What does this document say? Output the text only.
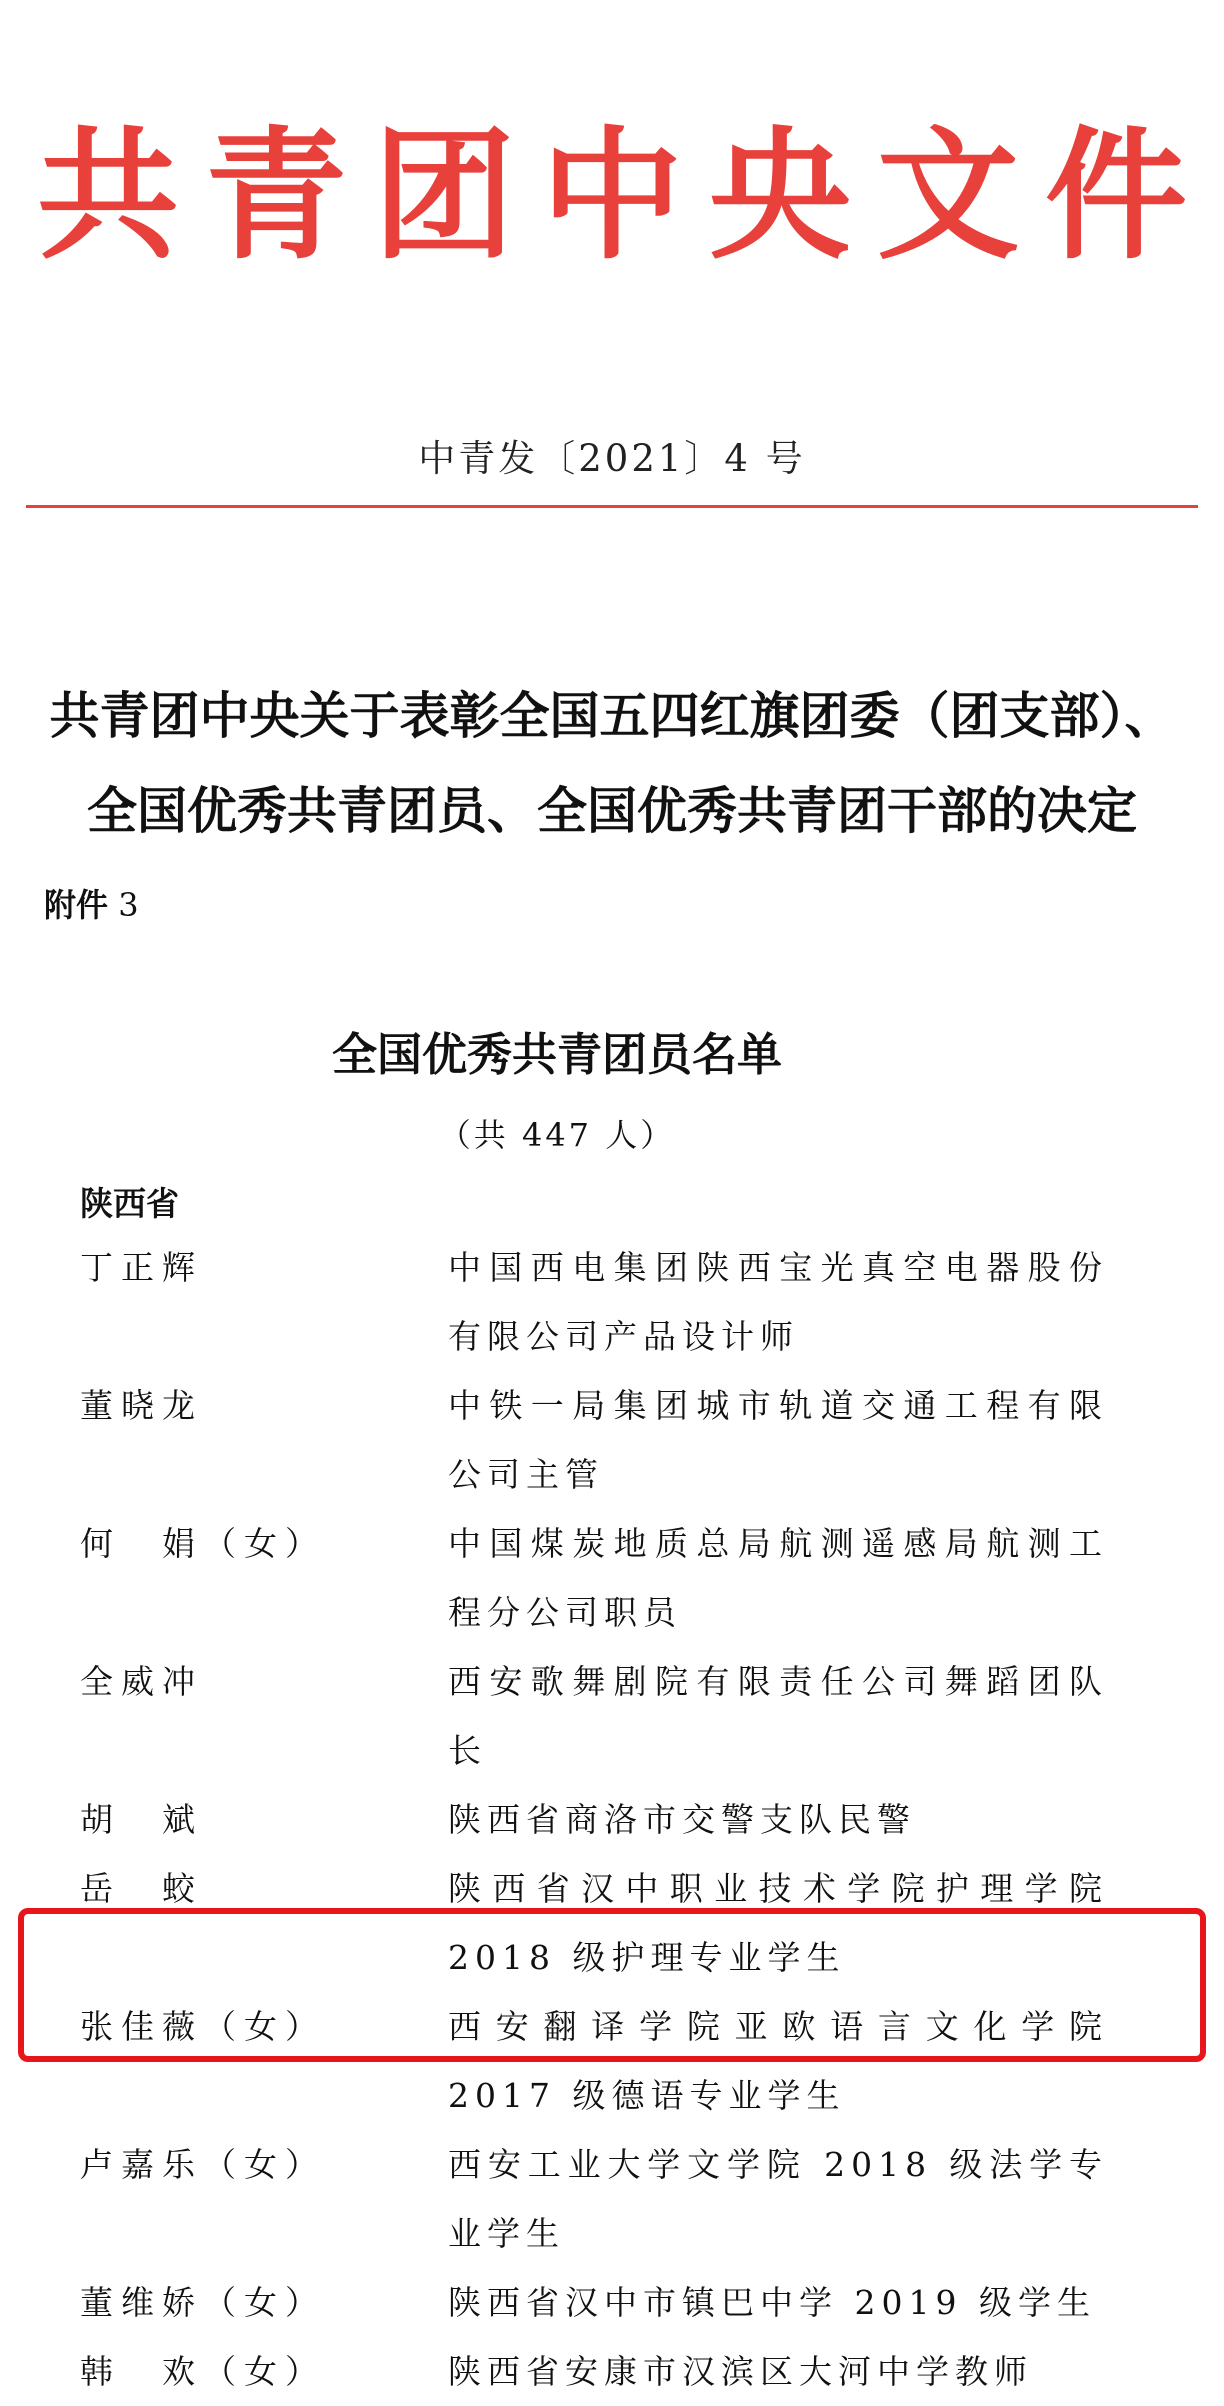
共青团中央文件
中青发〔2021〕4 号
共青团中央关于表彰全国五四红旗团委（团支部）、
全国优秀共青团员、全国优秀共青团干部的决定
附件 3
全国优秀共青团员名单
（共 447 人）
陕西省
丁正辉	中国西电集团陕西宝光真空电器股份有限公司产品设计师
董晓龙	中铁一局集团城市轨道交通工程有限公司主管
何　娟（女）	中国煤炭地质总局航测遥感局航测工程分公司职员
全威冲	西安歌舞剧院有限责任公司舞蹈团队长
胡　斌	陕西省商洛市交警支队民警
岳　蛟	陕西省汉中职业技术学院护理学院 2018 级护理专业学生
张佳薇（女）	西安翻译学院亚欧语言文化学院 2017 级德语专业学生
卢嘉乐（女）	西安工业大学文学院 2018 级法学专业学生
董维娇（女）	陕西省汉中市镇巴中学 2019 级学生
韩　欢（女）	陕西省安康市汉滨区大河中学教师
